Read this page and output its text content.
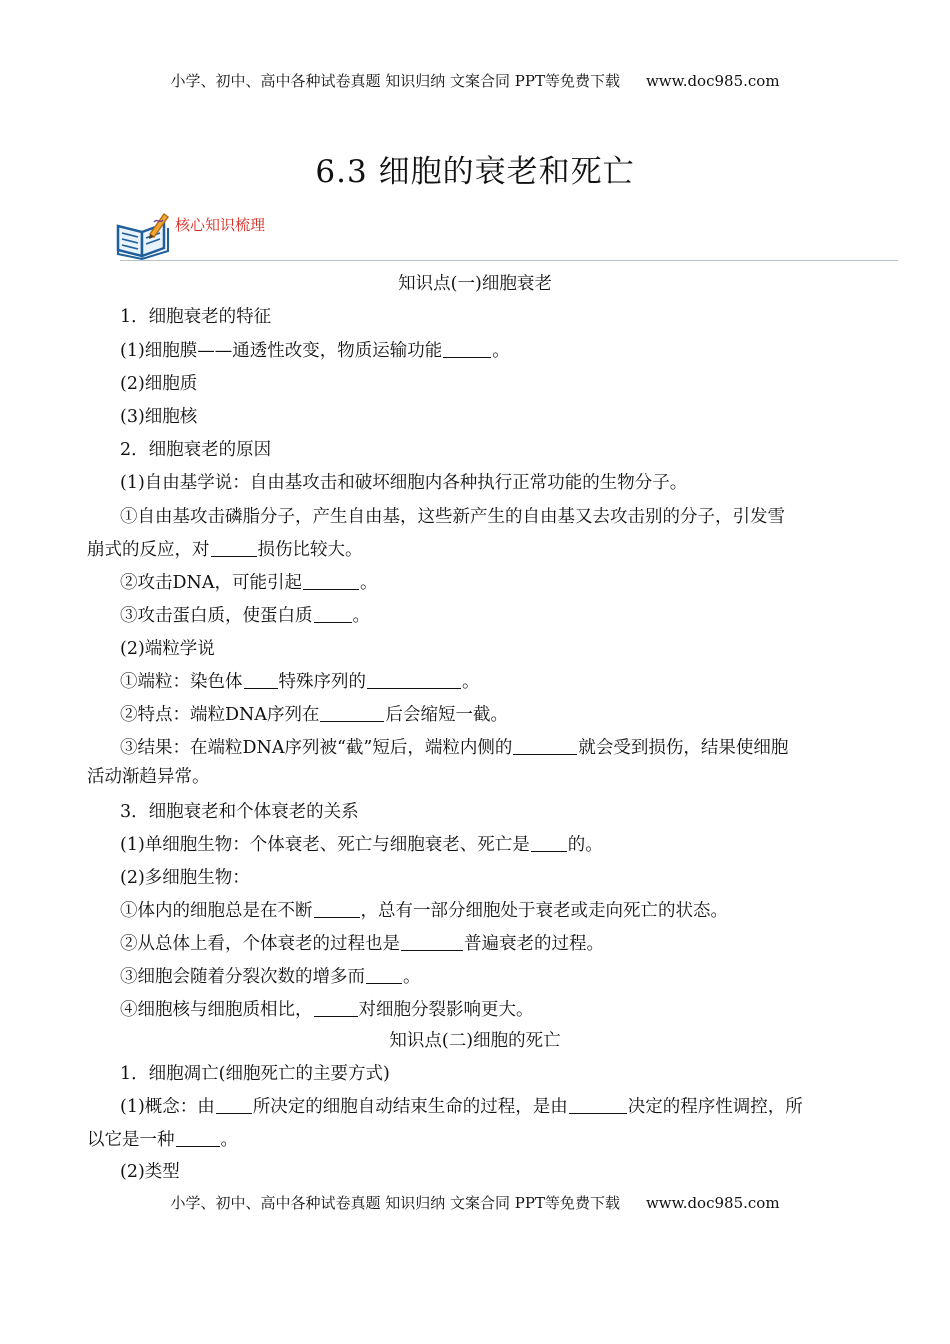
小学、初中、高中各种试卷真题 知识归纳 文案合同 PPT等免费下载 www.doc985.com
6.3 细胞的衰老和死亡
核心知识梳理
知识点(一)细胞衰老
1．细胞衰老的特征
(1)细胞膜——通透性改变，物质运输功能	。
(2)细胞质
(3)细胞核
2．细胞衰老的原因
(1)自由基学说：自由基攻击和破坏细胞内各种执行正常功能的生物分子。
①自由基攻击磷脂分子，产生自由基，这些新产生的自由基又去攻击别的分子，引发雪
崩式的反应，对	损伤比较大。
②攻击DNA，可能引起	。
③攻击蛋白质，使蛋白质 。
(2)端粒学说
①端粒：染色体 特殊序列的	。
②特点：端粒DNA序列在	后会缩短一截。
③结果：在端粒DNA序列被“截”短后，端粒内侧的	就会受到损伤，结果使细胞
活动渐趋异常。
3．细胞衰老和个体衰老的关系
(1)单细胞生物：个体衰老、死亡与细胞衰老、死亡是 的。
(2)多细胞生物：
①体内的细胞总是在不断	，总有一部分细胞处于衰老或走向死亡的状态。
②从总体上看，个体衰老的过程也是	普遍衰老的过程。
③细胞会随着分裂次数的增多而 。
④细胞核与细胞质相比，	对细胞分裂影响更大。
知识点(二)细胞的死亡
1．细胞凋亡(细胞死亡的主要方式)
(1)概念：由 所决定的细胞自动结束生命的过程，是由	决定的程序性调控，所
以它是一种	。
(2)类型
小学、初中、高中各种试卷真题 知识归纳 文案合同 PPT等免费下载 www.doc985.com
